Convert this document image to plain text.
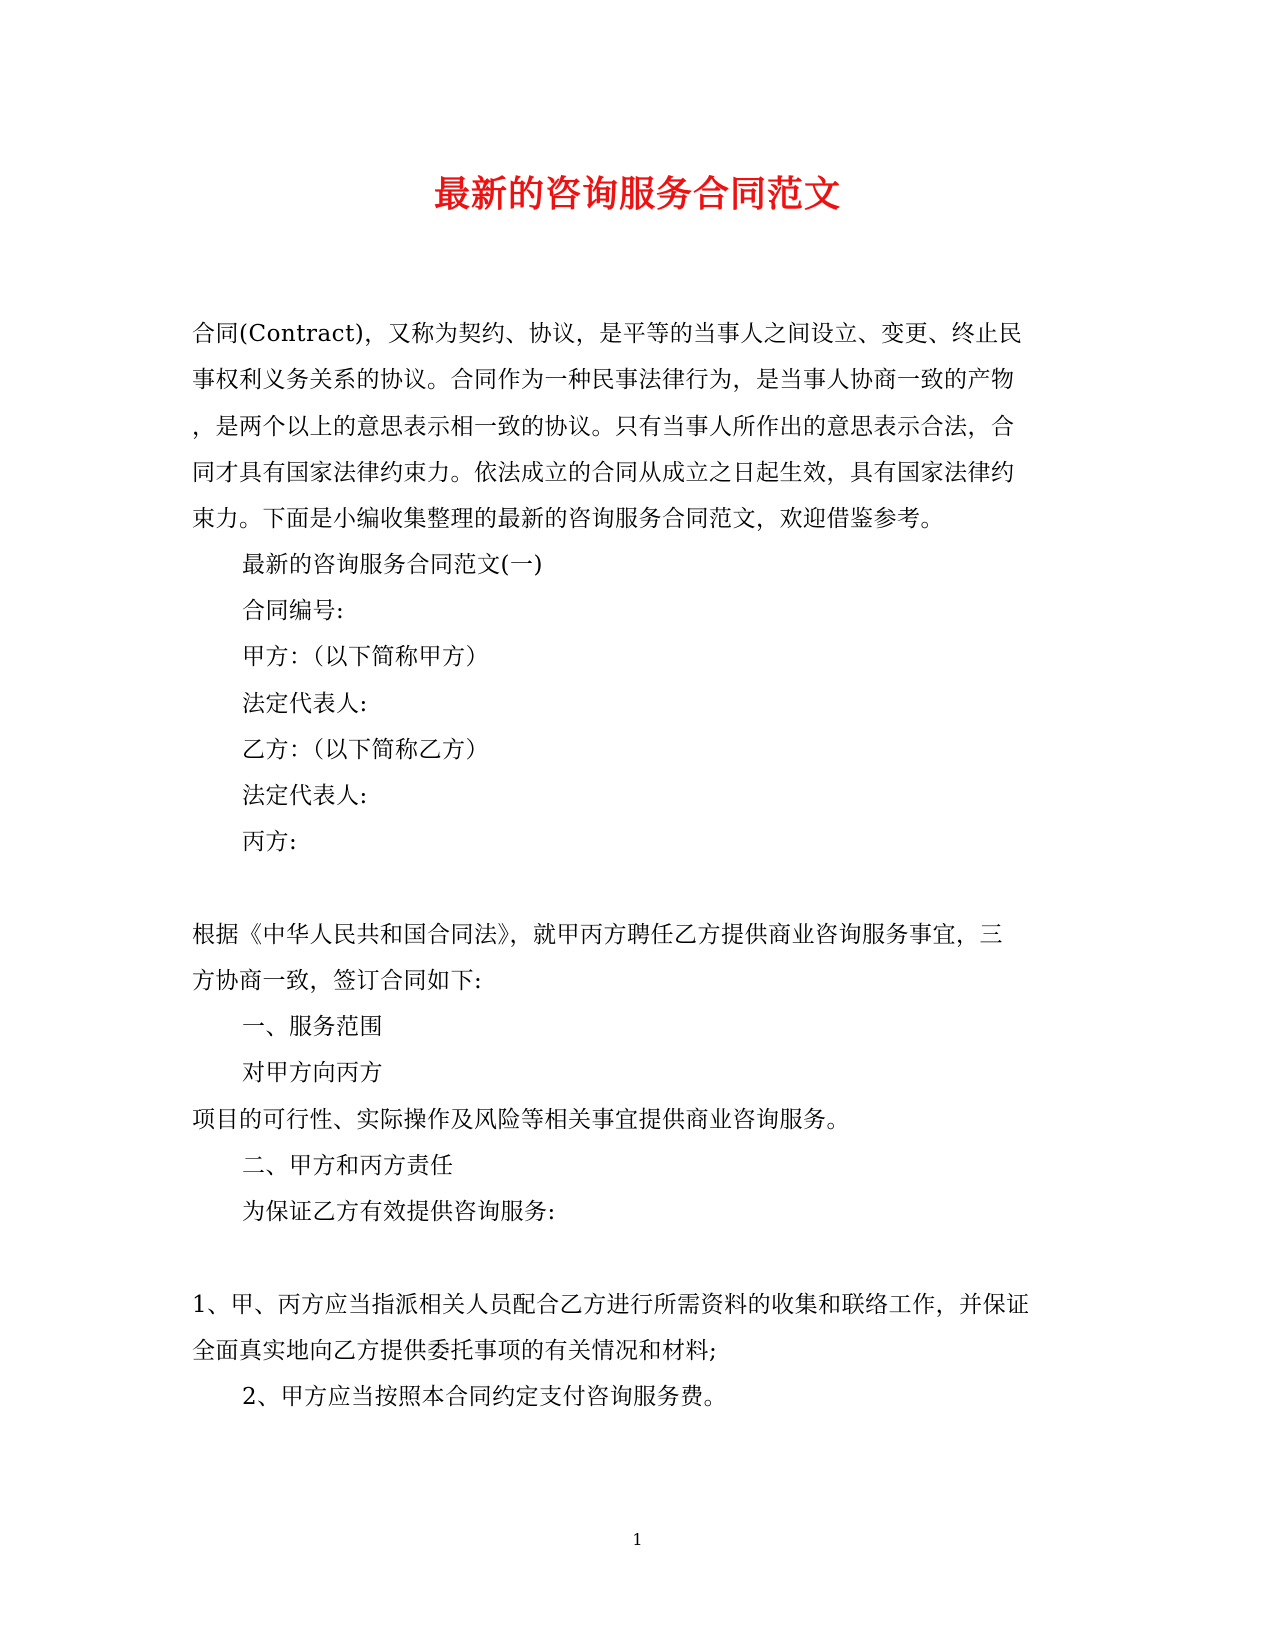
最新的咨询服务合同范文
合同(Contract)，又称为契约、协议，是平等的当事人之间设立、变更、终止民
事权利义务关系的协议。合同作为一种民事法律行为，是当事人协商一致的产物
，是两个以上的意思表示相一致的协议。只有当事人所作出的意思表示合法，合
同才具有国家法律约束力。依法成立的合同从成立之日起生效，具有国家法律约
束力。下面是小编收集整理的最新的咨询服务合同范文，欢迎借鉴参考。
最新的咨询服务合同范文(一)
合同编号:
甲方：（以下简称甲方）
法定代表人:
乙方：（以下简称乙方）
法定代表人:
丙方:
根据《中华人民共和国合同法》，就甲丙方聘任乙方提供商业咨询服务事宜，三
方协商一致，签订合同如下:
一、服务范围
对甲方向丙方
项目的可行性、实际操作及风险等相关事宜提供商业咨询服务。
二、甲方和丙方责任
为保证乙方有效提供咨询服务:
1、甲、丙方应当指派相关人员配合乙方进行所需资料的收集和联络工作，并保证
全面真实地向乙方提供委托事项的有关情况和材料;
2、甲方应当按照本合同约定支付咨询服务费。
1
